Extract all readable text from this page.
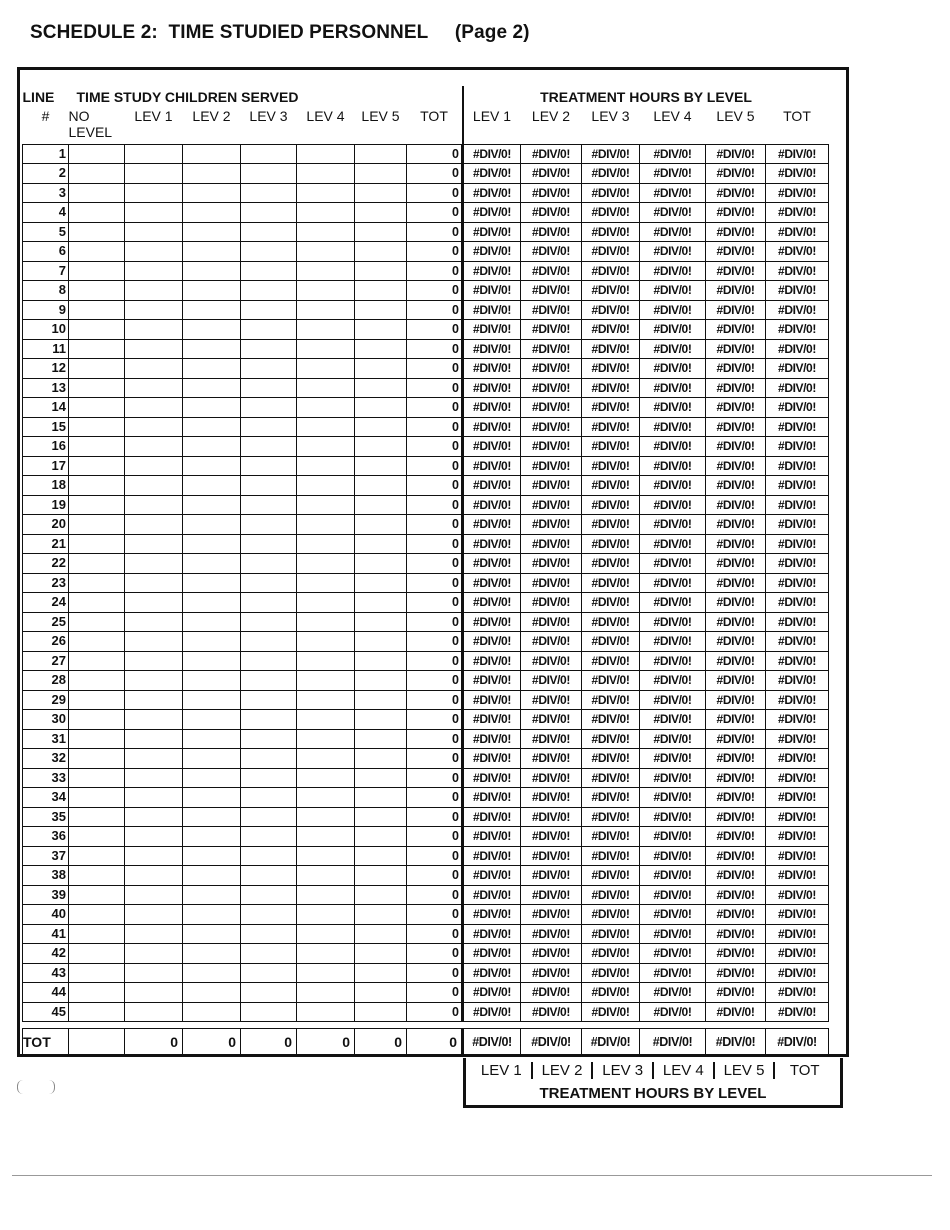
SCHEDULE 2:  TIME STUDIED PERSONNEL     (Page 2)
LINE	TIME STUDY CHILDREN SERVED							TREATMENT HOURS BY LEVEL					
#	NO LEVEL	LEV 1	LEV 2	LEV 3	LEV 4	LEV 5	TOT	LEV 1	LEV 2	LEV 3	LEV 4	LEV 5	TOT
1							0	#DIV/0!	#DIV/0!	#DIV/0!	#DIV/0!	#DIV/0!	#DIV/0!
2							0	#DIV/0!	#DIV/0!	#DIV/0!	#DIV/0!	#DIV/0!	#DIV/0!
3							0	#DIV/0!	#DIV/0!	#DIV/0!	#DIV/0!	#DIV/0!	#DIV/0!
4							0	#DIV/0!	#DIV/0!	#DIV/0!	#DIV/0!	#DIV/0!	#DIV/0!
5							0	#DIV/0!	#DIV/0!	#DIV/0!	#DIV/0!	#DIV/0!	#DIV/0!
6							0	#DIV/0!	#DIV/0!	#DIV/0!	#DIV/0!	#DIV/0!	#DIV/0!
7							0	#DIV/0!	#DIV/0!	#DIV/0!	#DIV/0!	#DIV/0!	#DIV/0!
8							0	#DIV/0!	#DIV/0!	#DIV/0!	#DIV/0!	#DIV/0!	#DIV/0!
9							0	#DIV/0!	#DIV/0!	#DIV/0!	#DIV/0!	#DIV/0!	#DIV/0!
10							0	#DIV/0!	#DIV/0!	#DIV/0!	#DIV/0!	#DIV/0!	#DIV/0!
11							0	#DIV/0!	#DIV/0!	#DIV/0!	#DIV/0!	#DIV/0!	#DIV/0!
12							0	#DIV/0!	#DIV/0!	#DIV/0!	#DIV/0!	#DIV/0!	#DIV/0!
13							0	#DIV/0!	#DIV/0!	#DIV/0!	#DIV/0!	#DIV/0!	#DIV/0!
14							0	#DIV/0!	#DIV/0!	#DIV/0!	#DIV/0!	#DIV/0!	#DIV/0!
15							0	#DIV/0!	#DIV/0!	#DIV/0!	#DIV/0!	#DIV/0!	#DIV/0!
16							0	#DIV/0!	#DIV/0!	#DIV/0!	#DIV/0!	#DIV/0!	#DIV/0!
17							0	#DIV/0!	#DIV/0!	#DIV/0!	#DIV/0!	#DIV/0!	#DIV/0!
18							0	#DIV/0!	#DIV/0!	#DIV/0!	#DIV/0!	#DIV/0!	#DIV/0!
19							0	#DIV/0!	#DIV/0!	#DIV/0!	#DIV/0!	#DIV/0!	#DIV/0!
20							0	#DIV/0!	#DIV/0!	#DIV/0!	#DIV/0!	#DIV/0!	#DIV/0!
21							0	#DIV/0!	#DIV/0!	#DIV/0!	#DIV/0!	#DIV/0!	#DIV/0!
22							0	#DIV/0!	#DIV/0!	#DIV/0!	#DIV/0!	#DIV/0!	#DIV/0!
23							0	#DIV/0!	#DIV/0!	#DIV/0!	#DIV/0!	#DIV/0!	#DIV/0!
24							0	#DIV/0!	#DIV/0!	#DIV/0!	#DIV/0!	#DIV/0!	#DIV/0!
25							0	#DIV/0!	#DIV/0!	#DIV/0!	#DIV/0!	#DIV/0!	#DIV/0!
26							0	#DIV/0!	#DIV/0!	#DIV/0!	#DIV/0!	#DIV/0!	#DIV/0!
27							0	#DIV/0!	#DIV/0!	#DIV/0!	#DIV/0!	#DIV/0!	#DIV/0!
28							0	#DIV/0!	#DIV/0!	#DIV/0!	#DIV/0!	#DIV/0!	#DIV/0!
29							0	#DIV/0!	#DIV/0!	#DIV/0!	#DIV/0!	#DIV/0!	#DIV/0!
30							0	#DIV/0!	#DIV/0!	#DIV/0!	#DIV/0!	#DIV/0!	#DIV/0!
31							0	#DIV/0!	#DIV/0!	#DIV/0!	#DIV/0!	#DIV/0!	#DIV/0!
32							0	#DIV/0!	#DIV/0!	#DIV/0!	#DIV/0!	#DIV/0!	#DIV/0!
33							0	#DIV/0!	#DIV/0!	#DIV/0!	#DIV/0!	#DIV/0!	#DIV/0!
34							0	#DIV/0!	#DIV/0!	#DIV/0!	#DIV/0!	#DIV/0!	#DIV/0!
35							0	#DIV/0!	#DIV/0!	#DIV/0!	#DIV/0!	#DIV/0!	#DIV/0!
36							0	#DIV/0!	#DIV/0!	#DIV/0!	#DIV/0!	#DIV/0!	#DIV/0!
37							0	#DIV/0!	#DIV/0!	#DIV/0!	#DIV/0!	#DIV/0!	#DIV/0!
38							0	#DIV/0!	#DIV/0!	#DIV/0!	#DIV/0!	#DIV/0!	#DIV/0!
39							0	#DIV/0!	#DIV/0!	#DIV/0!	#DIV/0!	#DIV/0!	#DIV/0!
40							0	#DIV/0!	#DIV/0!	#DIV/0!	#DIV/0!	#DIV/0!	#DIV/0!
41							0	#DIV/0!	#DIV/0!	#DIV/0!	#DIV/0!	#DIV/0!	#DIV/0!
42							0	#DIV/0!	#DIV/0!	#DIV/0!	#DIV/0!	#DIV/0!	#DIV/0!
43							0	#DIV/0!	#DIV/0!	#DIV/0!	#DIV/0!	#DIV/0!	#DIV/0!
44							0	#DIV/0!	#DIV/0!	#DIV/0!	#DIV/0!	#DIV/0!	#DIV/0!
45							0	#DIV/0!	#DIV/0!	#DIV/0!	#DIV/0!	#DIV/0!	#DIV/0!

TOT		0	0	0	0	0	0	#DIV/0!	#DIV/0!	#DIV/0!	#DIV/0!	#DIV/0!	#DIV/0!
LEV 1	LEV 2	LEV 3	LEV 4	LEV 5	TOT
TREATMENT HOURS BY LEVEL
